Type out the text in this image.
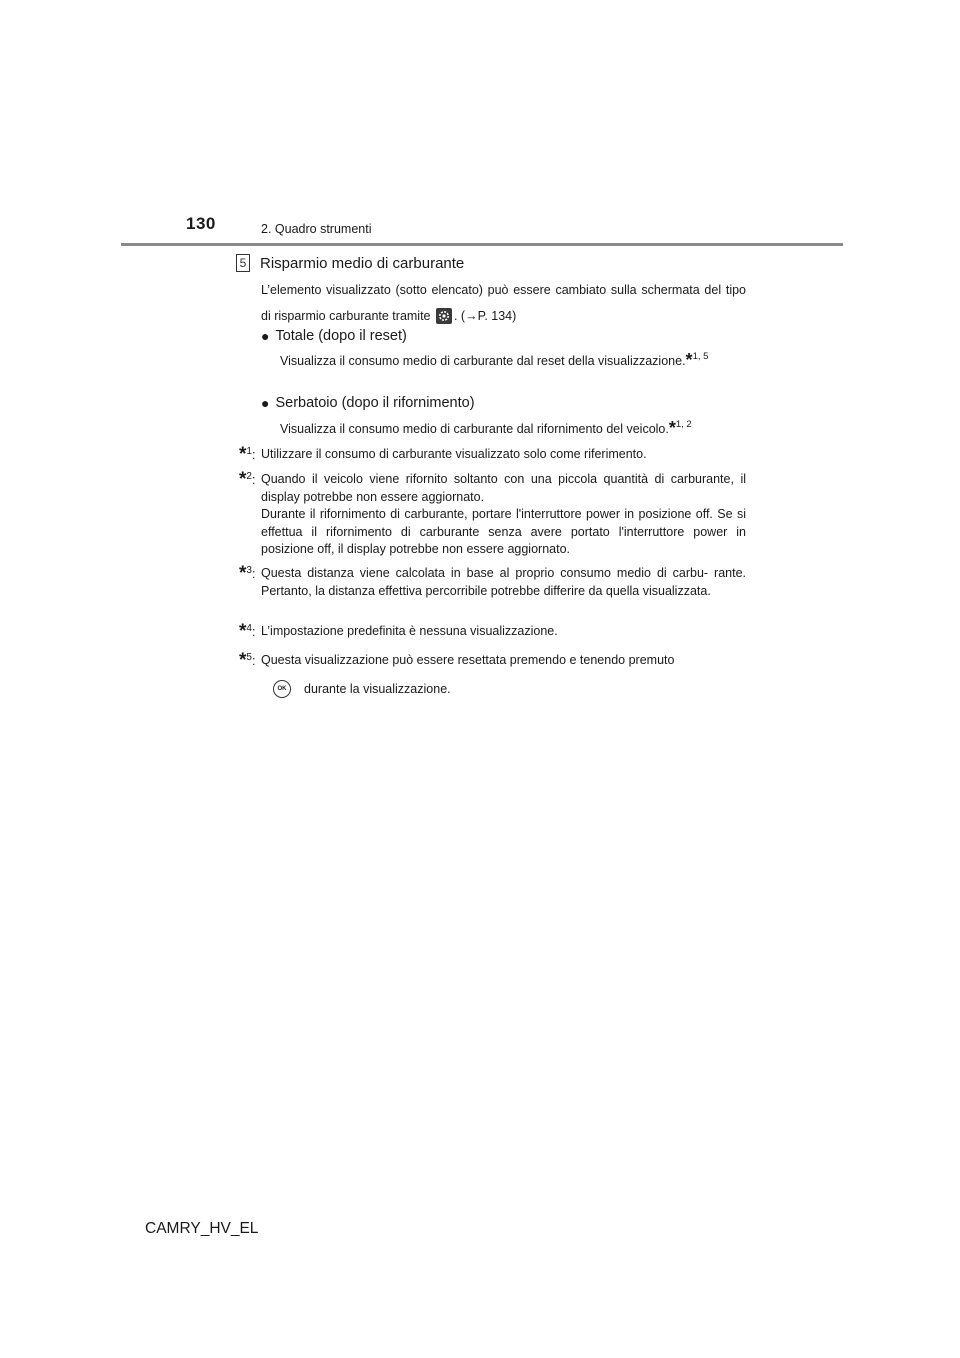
130	2. Quadro strumenti
5 Risparmio medio di carburante
L’elemento visualizzato (sotto elencato) può essere cambiato sulla schermata del tipo di risparmio carburante tramite . (→P. 134)
● Totale (dopo il reset)
Visualizza il consumo medio di carburante dal reset della visualizzazione.*$^{1, 5}$
● Serbatoio (dopo il rifornimento)
Visualizza il consumo medio di carburante dal rifornimento del veicolo.*$^{1, 2}$
*$^1$: Utilizzare il consumo di carburante visualizzato solo come riferimento.
*$^2$: Quando il veicolo viene rifornito soltanto con una piccola quantità di carburante, il display potrebbe non essere aggiornato.
Durante il rifornimento di carburante, portare l'interruttore power in posizione off. Se si effettua il rifornimento di carburante senza avere portato l'interruttore power in posizione off, il display potrebbe non essere aggiornato.
*$^3$: Questa distanza viene calcolata in base al proprio consumo medio di carbu- rante. Pertanto, la distanza effettiva percorribile potrebbe differire da quella visualizzata.
*$^4$: L’impostazione predefinita è nessuna visualizzazione.
*$^5$: Questa visualizzazione può essere resettata premendo e tenendo premuto
OK	durante la visualizzazione.
CAMRY_HV_EL
